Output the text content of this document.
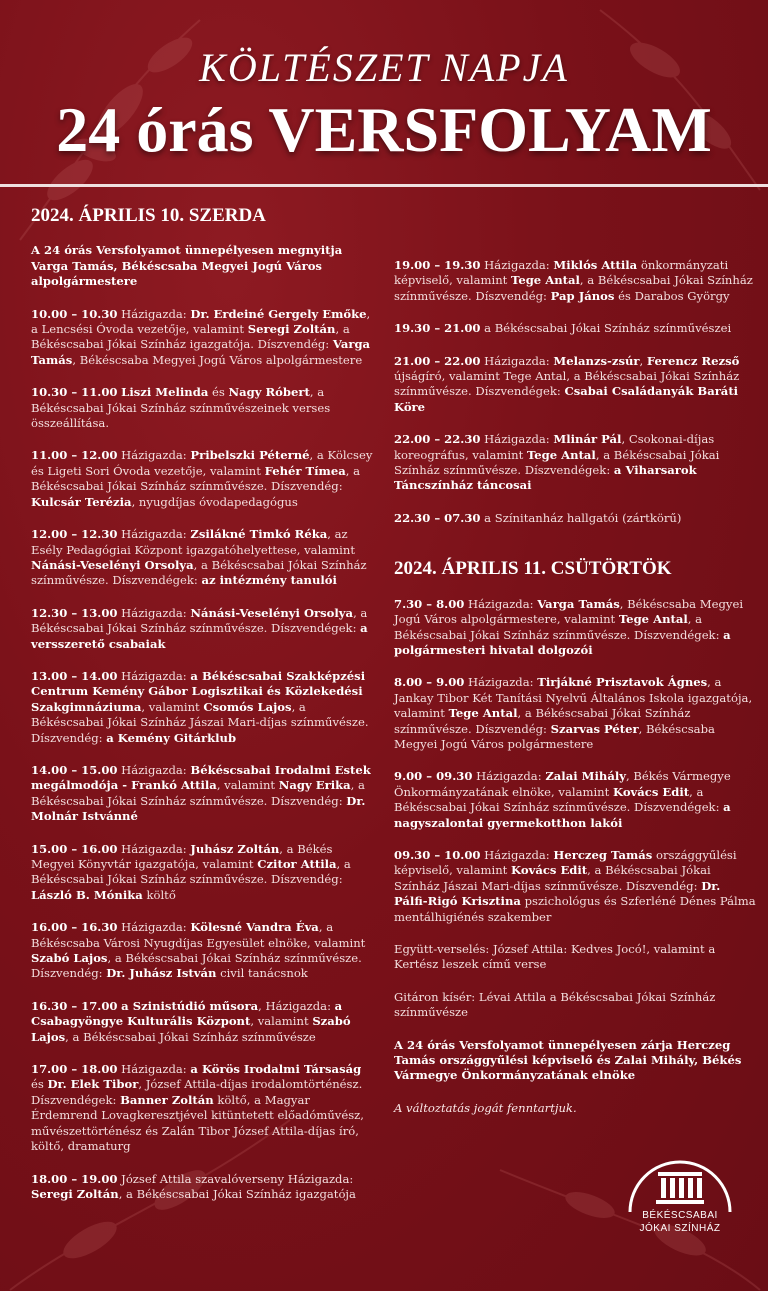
KÖLTÉSZET NAPJA
24 órás VERSFOLYAM
2024. ÁPRILIS 10. SZERDA
A 24 órás Versfolyamot ünnepélyesen megnyitja Varga Tamás, Békéscsaba Megyei Jogú Város alpolgármestere
10.00 – 10.30 Házigazda: Dr. Erdeiné Gergely Emőke, a Lencsési Óvoda vezetője, valamint Seregi Zoltán, a Békéscsabai Jókai Színház igazgatója. Díszvendég: Varga Tamás, Békéscsaba Megyei Jogú Város alpolgármestere
10.30 – 11.00 Liszi Melinda és Nagy Róbert, a Békéscsabai Jókai Színház színművészeinek verses összeállítása.
11.00 – 12.00 Házigazda: Pribelszki Péterné, a Kölcsey és Ligeti Sori Óvoda vezetője, valamint Fehér Tímea, a Békéscsabai Jókai Színház színművésze. Díszvendég: Kulcsár Terézia, nyugdíjas óvodapedagógus
12.00 – 12.30 Házigazda: Zsilákné Timkó Réka, az Esély Pedagógiai Központ igazgatóhelyettese, valamint Nánási-Veselényi Orsolya, a Békéscsabai Jókai Színház színművésze. Díszvendégek: az intézmény tanulói
12.30 – 13.00 Házigazda: Nánási-Veselényi Orsolya, a Békéscsabai Jókai Színház színművésze. Díszvendégek: a versszerető csabaiak
13.00 – 14.00 Házigazda: a Békéscsabai Szakképzési Centrum Kemény Gábor Logisztikai és Közlekedési Szakgimnáziuma, valamint Csomós Lajos, a Békéscsabai Jókai Színház Jászai Mari-díjas színművésze. Díszvendég: a Kemény Gitárklub
14.00 – 15.00 Házigazda: Békéscsabai Irodalmi Estek megálmodója - Frankó Attila, valamint Nagy Erika, a Békéscsabai Jókai Színház színművésze. Díszvendég: Dr. Molnár Istvánné
15.00 – 16.00 Házigazda: Juhász Zoltán, a Békés Megyei Könyvtár igazgatója, valamint Czitor Attila, a Békéscsabai Jókai Színház színművésze. Díszvendég: László B. Mónika költő
16.00 – 16.30 Házigazda: Kölesné Vandra Éva, a Békéscsaba Városi Nyugdíjas Egyesület elnöke, valamint Szabó Lajos, a Békéscsabai Jókai Színház színművésze. Díszvendég: Dr. Juhász István civil tanácsnok
16.30 – 17.00 a Szinistúdió műsora, Házigazda: a Csabagyöngye Kulturális Központ, valamint Szabó Lajos, a Békéscsabai Jókai Színház színművésze
17.00 – 18.00 Házigazda: a Körös Irodalmi Társaság és Dr. Elek Tibor, József Attila-díjas irodalomtörténész. Díszvendégek: Banner Zoltán költő, a Magyar Érdemrend Lovagkeresztjével kitüntetett előadóművész, művészettörténész és Zalán Tibor József Attila-díjas író, költő, dramaturg
18.00 – 19.00 József Attila szavalóverseny Házigazda: Seregi Zoltán, a Békéscsabai Jókai Színház igazgatója
19.00 – 19.30 Házigazda: Miklós Attila önkormányzati képviselő, valamint Tege Antal, a Békéscsabai Jókai Színház színművésze. Díszvendég: Pap János és Darabos György
19.30 – 21.00 a Békéscsabai Jókai Színház színművészei
21.00 – 22.00 Házigazda: Melanzs-zsúr, Ferencz Rezső újságíró, valamint Tege Antal, a Békéscsabai Jókai Színház színművésze. Díszvendégek: Csabai Családanyák Baráti Köre
22.00 – 22.30 Házigazda: Mlinár Pál, Csokonai-díjas koreográfus, valamint Tege Antal, a Békéscsabai Jókai Színház színművésze. Díszvendégek: a Viharsarok Táncszínház táncosai
22.30 – 07.30 a Színitanház hallgatói (zártkörű)
2024. ÁPRILIS 11. CSÜTÖRTÖK
7.30 – 8.00 Házigazda: Varga Tamás, Békéscsaba Megyei Jogú Város alpolgármestere, valamint Tege Antal, a Békéscsabai Jókai Színház színművésze. Díszvendégek: a polgármesteri hivatal dolgozói
8.00 – 9.00 Házigazda: Tirjákné Prisztavok Ágnes, a Jankay Tibor Két Tanítási Nyelvű Általános Iskola igazgatója, valamint Tege Antal, a Békéscsabai Jókai Színház színművésze. Díszvendég: Szarvas Péter, Békéscsaba Megyei Jogú Város polgármestere
9.00 – 09.30 Házigazda: Zalai Mihály, Békés Vármegye Önkormányzatának elnöke, valamint Kovács Edit, a Békéscsabai Jókai Színház színművésze. Díszvendégek: a nagyszalontai gyermekotthon lakói
09.30 – 10.00 Házigazda: Herczeg Tamás országgyűlési képviselő, valamint Kovács Edit, a Békéscsabai Jókai Színház Jászai Mari-díjas színművésze. Díszvendég: Dr. Pálfi-Rigó Krisztina pszichológus és Szferléné Dénes Pálma mentálhigiénés szakember
Együtt-verselés: József Attila: Kedves Jocó!, valamint a Kertész leszek című verse
Gitáron kísér: Lévai Attila a Békéscsabai Jókai Színház színművésze
A 24 órás Versfolyamot ünnepélyesen zárja Herczeg Tamás országgyűlési képviselő és Zalai Mihály, Békés Vármegye Önkormányzatának elnöke
A változtatás jogát fenntartjuk.
BÉKÉSCSABAI
JÓKAI SZÍNHÁZ
